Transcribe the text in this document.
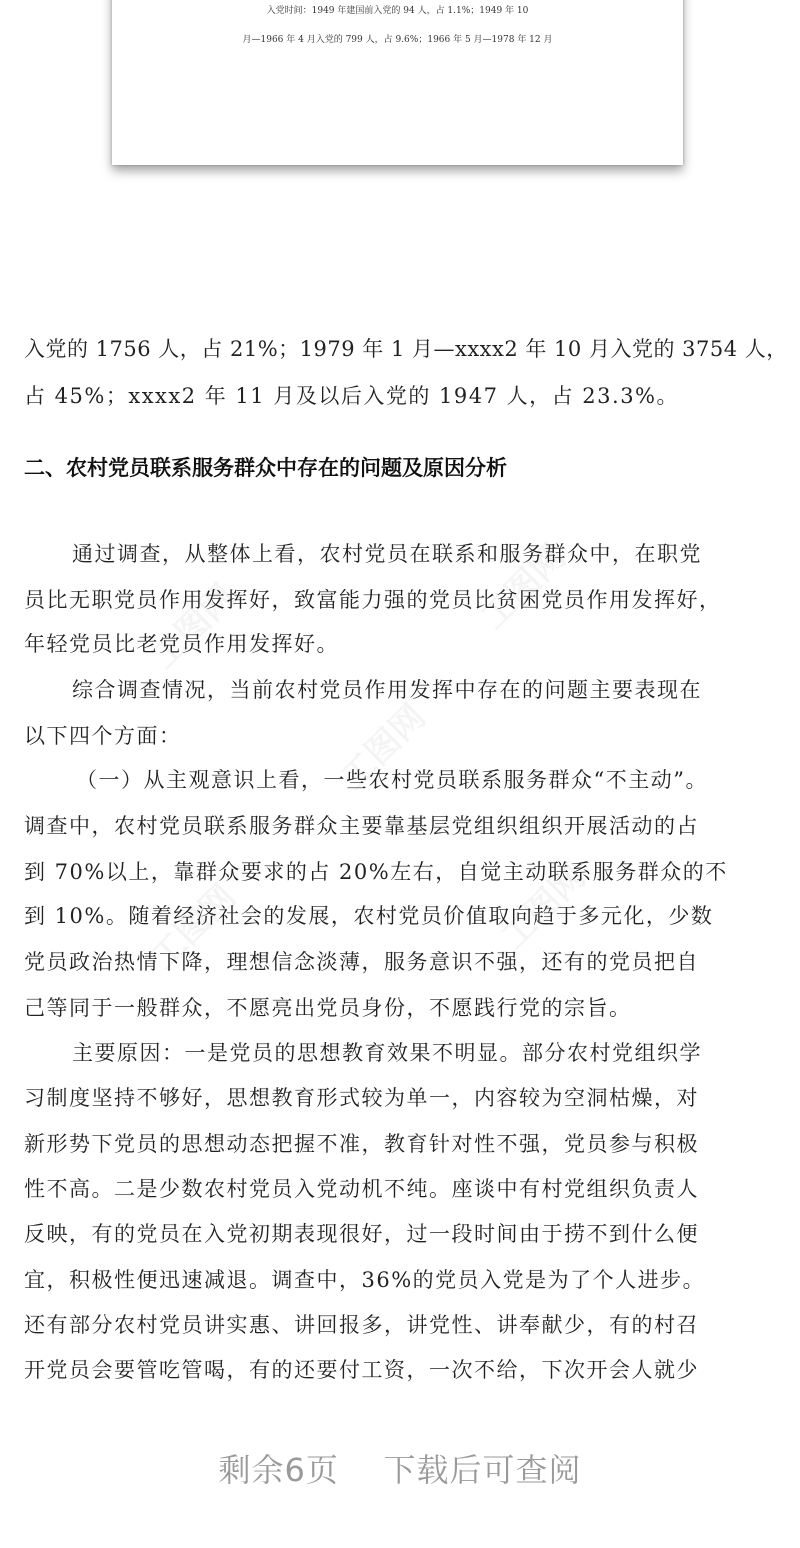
入党时间：1949 年建国前入党的 94 人，占 1.1%；1949 年 10
月—1966 年 4 月入党的 799 人，占 9.6%；1966 年 5 月—1978 年 12 月
入党的 1756 人，占 21%；1979 年 1 月—xxxx2 年 10 月入党的 3754 人，
占 45%；xxxx2 年 11 月及以后入党的 1947 人，占 23.3%。
二、农村党员联系服务群众中存在的问题及原因分析
通过调查，从整体上看，农村党员在联系和服务群众中，在职党
员比无职党员作用发挥好，致富能力强的党员比贫困党员作用发挥好，
年轻党员比老党员作用发挥好。
综合调查情况，当前农村党员作用发挥中存在的问题主要表现在
以下四个方面：
（一）从主观意识上看，一些农村党员联系服务群众“不主动”。
调查中，农村党员联系服务群众主要靠基层党组织组织开展活动的占
到 70%以上，靠群众要求的占 20%左右，自觉主动联系服务群众的不
到 10%。随着经济社会的发展，农村党员价值取向趋于多元化，少数
党员政治热情下降，理想信念淡薄，服务意识不强，还有的党员把自
己等同于一般群众，不愿亮出党员身份，不愿践行党的宗旨。
主要原因：一是党员的思想教育效果不明显。部分农村党组织学
习制度坚持不够好，思想教育形式较为单一，内容较为空洞枯燥，对
新形势下党员的思想动态把握不准，教育针对性不强，党员参与积极
性不高。二是少数农村党员入党动机不纯。座谈中有村党组织负责人
反映，有的党员在入党初期表现很好，过一段时间由于捞不到什么便
宜，积极性便迅速减退。调查中，36%的党员入党是为了个人进步。
还有部分农村党员讲实惠、讲回报多，讲党性、讲奉献少，有的村召
开党员会要管吃管喝，有的还要付工资，一次不给，下次开会人就少
剩余6页    下载后可查阅
